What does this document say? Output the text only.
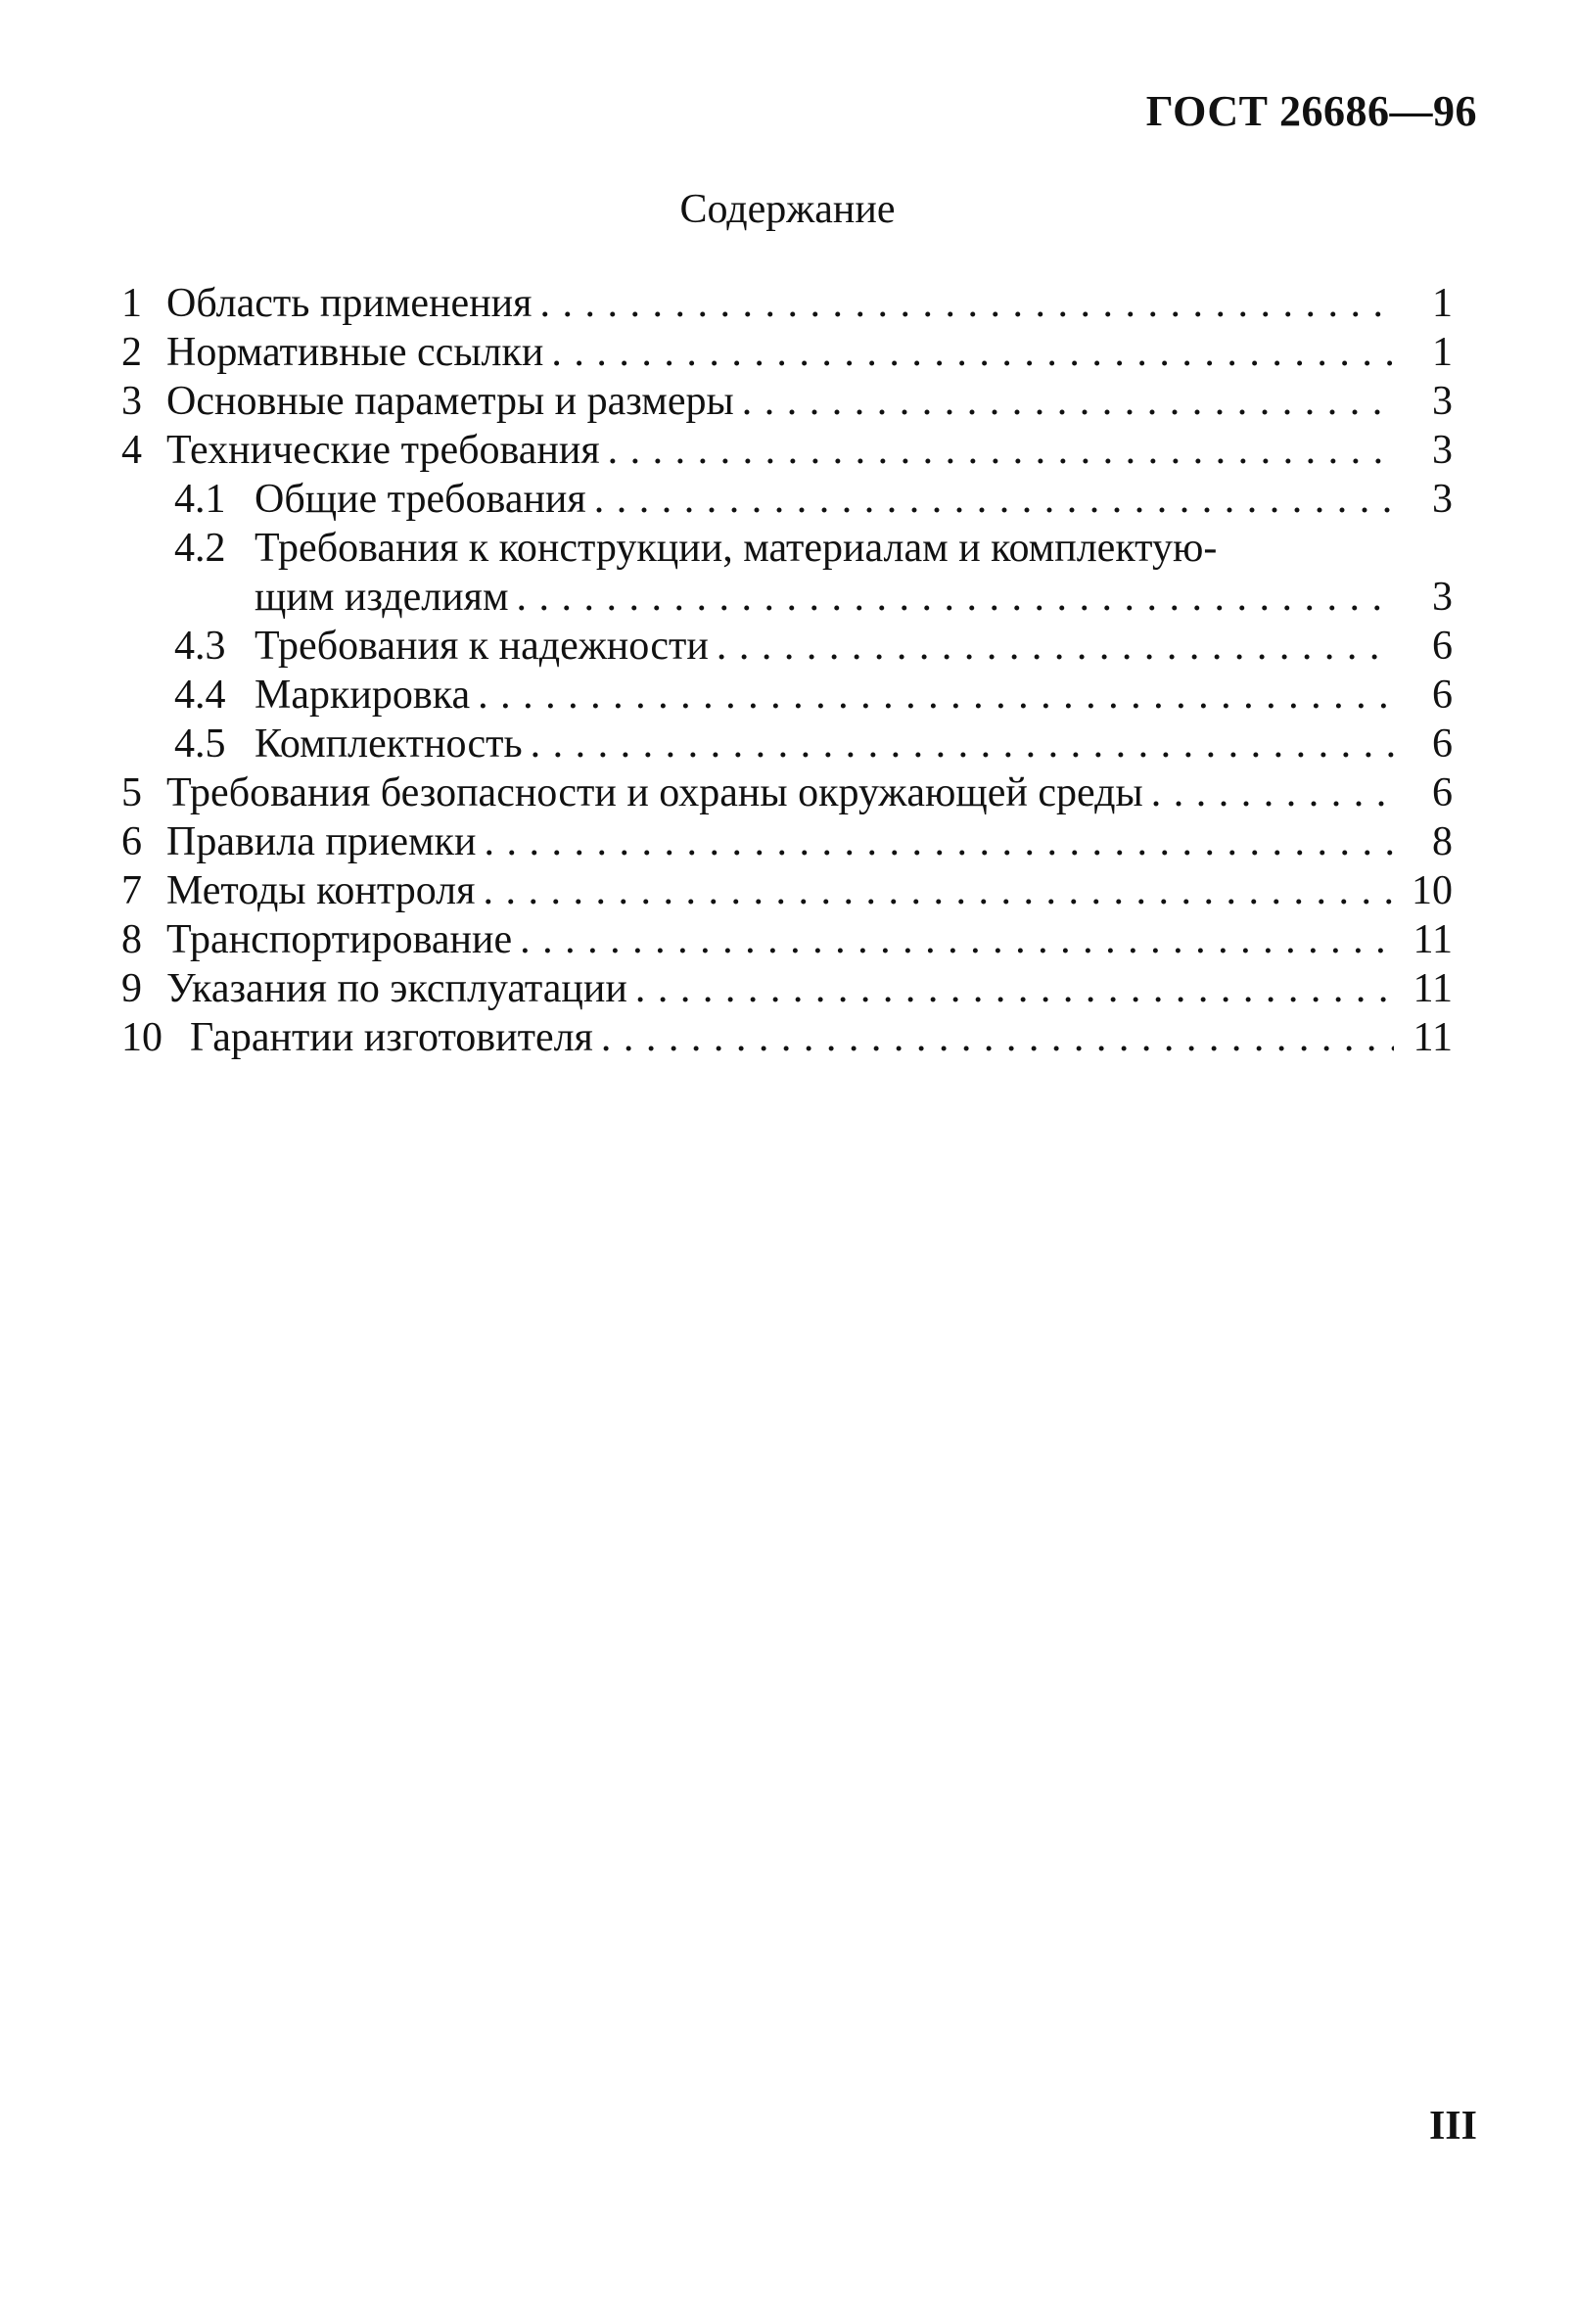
ГОСТ 26686—96
Содержание
1 Область применения . . .	1
2 Нормативные ссылки . . .	1
3 Основные параметры и размеры . . .	3
4 Технические требования . . .	3
4.1 Общие требования . . .	3
4.2 Требования к конструкции, материалам и комплектую-
щим изделиям . . .	3
4.3 Требования к надежности . . .	6
4.4 Маркировка . . .	6
4.5 Комплектность . . .	6
5 Требования безопасности и охраны окружающей среды . . .	6
6 Правила приемки . . .	8
7 Методы контроля . . .	10
8 Транспортирование . . .	11
9 Указания по эксплуатации . . .	11
10 Гарантии изготовителя . . .	11
III
